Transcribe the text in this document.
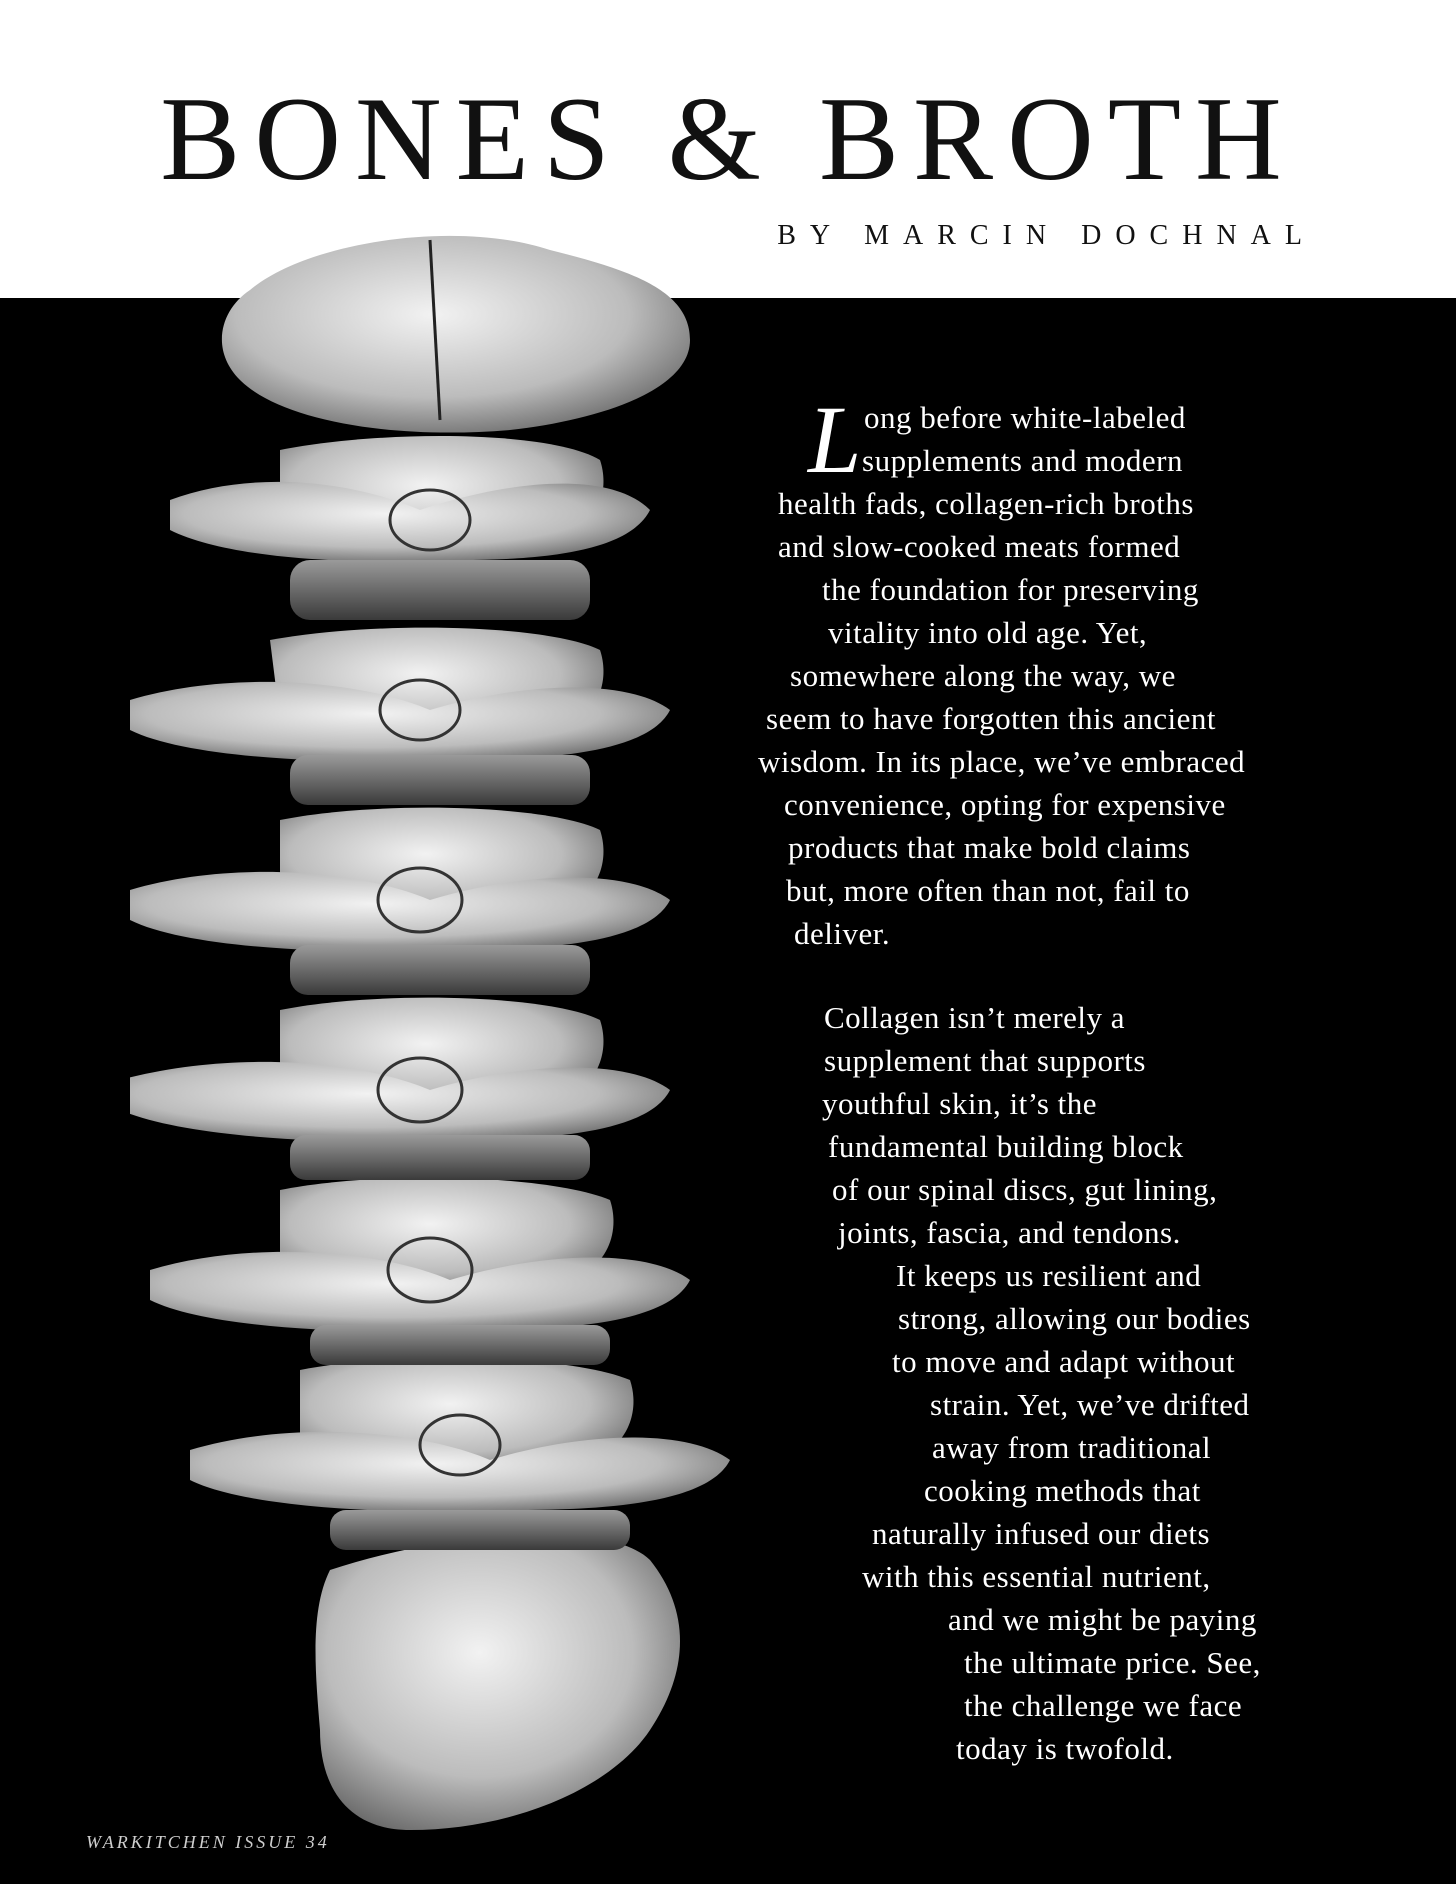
BONES & BROTH
BY MARCIN DOCHNAL
L ong before white-labeled
supplements and modern
health fads, collagen-rich broths
and slow-cooked meats formed
the foundation for preserving
vitality into old age. Yet,
somewhere along the way, we
seem to have forgotten this ancient
wisdom. In its place, we’ve embraced
convenience, opting for expensive
products that make bold claims
but, more often than not, fail to
deliver.
Collagen isn’t merely a
supplement that supports
youthful skin, it’s the
fundamental building block
of our spinal discs, gut lining,
joints, fascia, and tendons.
It keeps us resilient and
strong, allowing our bodies
to move and adapt without
strain. Yet, we’ve drifted
away from traditional
cooking methods that
naturally infused our diets
with this essential nutrient,
and we might be paying
the ultimate price. See,
the challenge we face
today is twofold.
WARKITCHEN ISSUE 34
